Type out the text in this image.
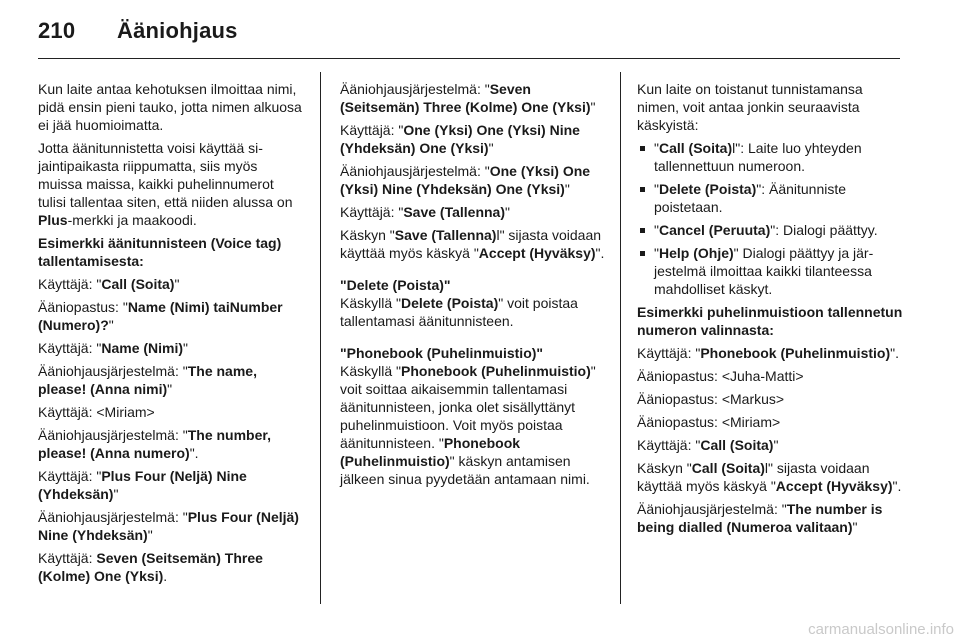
210 Ääniohjaus

Kun laite antaa kehotuksen ilmoittaa nimi, pidä ensin pieni tauko, jotta nimen alkuosa ei jää huomioimatta.

Jotta äänitunnistetta voisi käyttää sijaintipaikasta riippumatta, siis myös muissa maissa, kaikki puhelinnumerot tulisi tallentaa siten, että niiden alussa on Plus-merkki ja maakoodi.

Esimerkki äänitunnisteen (Voice tag) tallentamisesta:

Käyttäjä: "Call (Soita)"

Ääniopastus: "Name (Nimi) taiNumber (Numero)?"

Käyttäjä: "Name (Nimi)"

Ääniohjausjärjestelmä: "The name, please! (Anna nimi)"

Käyttäjä: <Miriam>

Ääniohjausjärjestelmä: "The number, please! (Anna numero)".

Käyttäjä: "Plus Four (Neljä) Nine (Yhdeksän)"

Ääniohjausjärjestelmä: "Plus Four (Neljä) Nine (Yhdeksän)"

Käyttäjä: Seven (Seitsemän) Three (Kolme) One (Yksi).

Ääniohjausjärjestelmä: "Seven (Seitsemän) Three (Kolme) One (Yksi)"

Käyttäjä: "One (Yksi) One (Yksi) Nine (Yhdeksän) One (Yksi)"

Ääniohjausjärjestelmä: "One (Yksi) One (Yksi) Nine (Yhdeksän) One (Yksi)"

Käyttäjä: "Save (Tallenna)"

Käskyn "Save (Tallenna)l" sijasta voidaan käyttää myös käskyä "Accept (Hyväksy)".

"Delete (Poista)"
Käskyllä "Delete (Poista)" voit poistaa tallentamasi äänitunnisteen.

"Phonebook (Puhelinmuistio)"
Käskyllä "Phonebook (Puhelinmuistio)" voit soittaa aikaisemmin tallentamasi äänitunnisteen, jonka olet sisällyttänyt puhelinmuistioon. Voit myös poistaa äänitunnisteen. "Phonebook (Puhelinmuistio)" käskyn antamisen jälkeen sinua pyydetään antamaan nimi.

Kun laite on toistanut tunnistamansa nimen, voit antaa jonkin seuraavista käskyistä:

"Call (Soita)l": Laite luo yhteyden tallennettuun numeroon.
"Delete (Poista)": Äänitunniste poistetaan.
"Cancel (Peruuta)": Dialogi päättyy.
"Help (Ohje)" Dialogi päättyy ja järjestelmä ilmoittaa kaikki tilanteessa mahdolliset käskyt.

Esimerkki puhelinmuistioon tallennetun numeron valinnasta:

Käyttäjä: "Phonebook (Puhelinmuistio)".

Ääniopastus: <Juha-Matti>

Ääniopastus: <Markus>

Ääniopastus: <Miriam>

Käyttäjä: "Call (Soita)"

Käskyn "Call (Soita)l" sijasta voidaan käyttää myös käskyä "Accept (Hyväksy)".

Ääniohjausjärjestelmä: "The number is being dialled (Numeroa valitaan)"

carmanualsonline.info
